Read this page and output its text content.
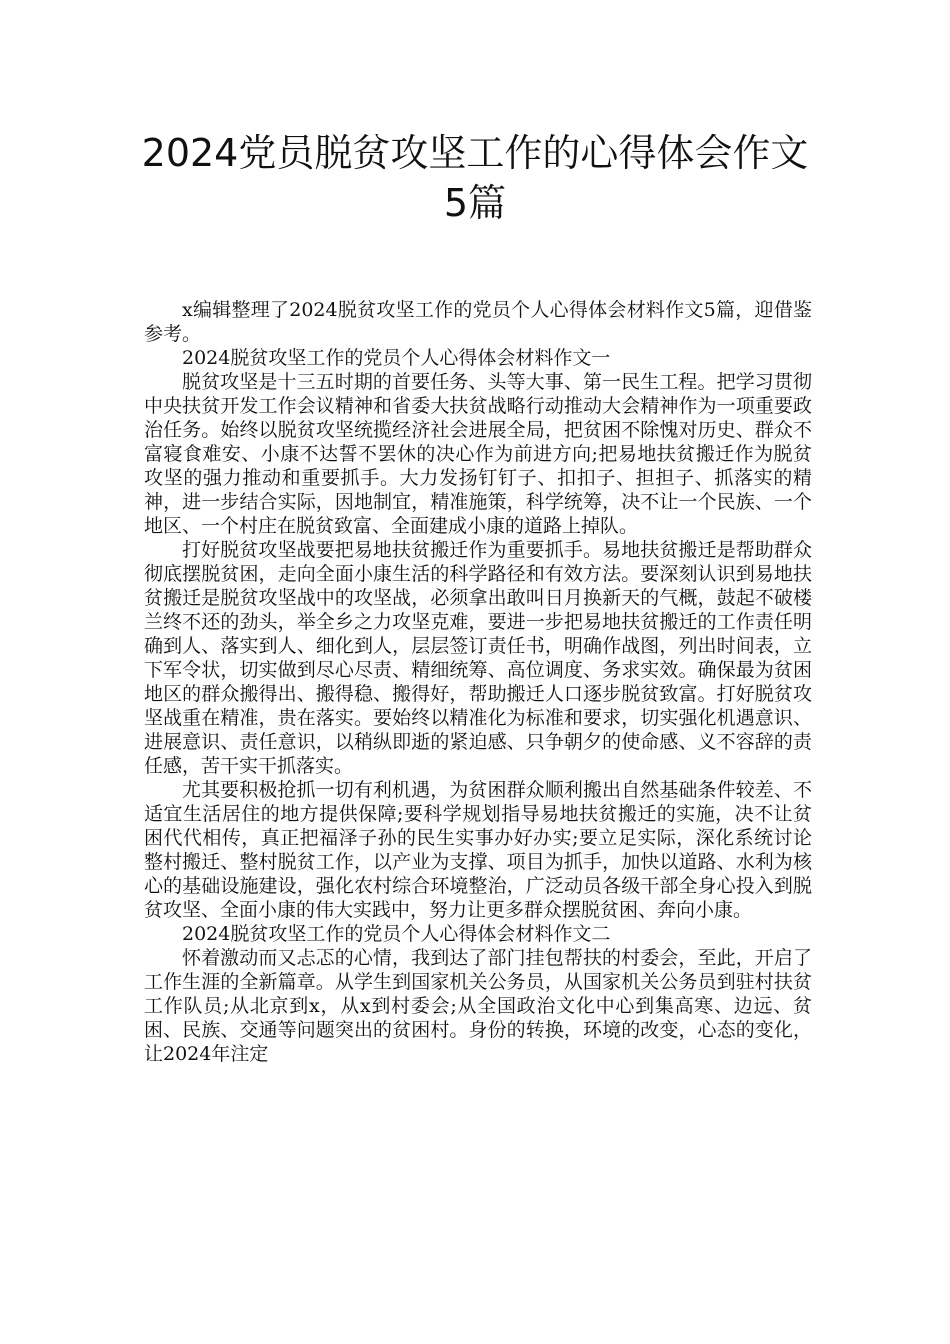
2024党员脱贫攻坚工作的心得体会作文
5篇

x编辑整理了2024脱贫攻坚工作的党员个人心得体会材料作文5篇，迎借鉴参考。

2024脱贫攻坚工作的党员个人心得体会材料作文一

脱贫攻坚是十三五时期的首要任务、头等大事、第一民生工程。把学习贯彻中央扶贫开发工作会议精神和省委大扶贫战略行动推动大会精神作为一项重要政治任务。始终以脱贫攻坚统揽经济社会进展全局，把贫困不除愧对历史、群众不富寝食难安、小康不达誓不罢休的决心作为前进方向;把易地扶贫搬迁作为脱贫攻坚的强力推动和重要抓手。大力发扬钉钉子、扣扣子、担担子、抓落实的精神，进一步结合实际，因地制宜，精准施策，科学统筹，决不让一个民族、一个地区、一个村庄在脱贫致富、全面建成小康的道路上掉队。

打好脱贫攻坚战要把易地扶贫搬迁作为重要抓手。易地扶贫搬迁是帮助群众彻底摆脱贫困，走向全面小康生活的科学路径和有效方法。要深刻认识到易地扶贫搬迁是脱贫攻坚战中的攻坚战，必须拿出敢叫日月换新天的气概，鼓起不破楼兰终不还的劲头，举全乡之力攻坚克难，要进一步把易地扶贫搬迁的工作责任明确到人、落实到人、细化到人，层层签订责任书，明确作战图，列出时间表，立下军令状，切实做到尽心尽责、精细统筹、高位调度、务求实效。确保最为贫困地区的群众搬得出、搬得稳、搬得好，帮助搬迁人口逐步脱贫致富。打好脱贫攻坚战重在精准，贵在落实。要始终以精准化为标准和要求，切实强化机遇意识、进展意识、责任意识，以稍纵即逝的紧迫感、只争朝夕的使命感、义不容辞的责任感，苦干实干抓落实。

尤其要积极抢抓一切有利机遇，为贫困群众顺利搬出自然基础条件较差、不适宜生活居住的地方提供保障;要科学规划指导易地扶贫搬迁的实施，决不让贫困代代相传，真正把福泽子孙的民生实事办好办实;要立足实际，深化系统讨论整村搬迁、整村脱贫工作，以产业为支撑、项目为抓手，加快以道路、水利为核心的基础设施建设，强化农村综合环境整治，广泛动员各级干部全身心投入到脱贫攻坚、全面小康的伟大实践中，努力让更多群众摆脱贫困、奔向小康。

2024脱贫攻坚工作的党员个人心得体会材料作文二

怀着激动而又忐忑的心情，我到达了部门挂包帮扶的村委会，至此，开启了工作生涯的全新篇章。从学生到国家机关公务员，从国家机关公务员到驻村扶贫工作队员;从北京到x，从x到村委会;从全国政治文化中心到集高寒、边远、贫困、民族、交通等问题突出的贫困村。身份的转换，环境的改变，心态的变化，让2024年注定
